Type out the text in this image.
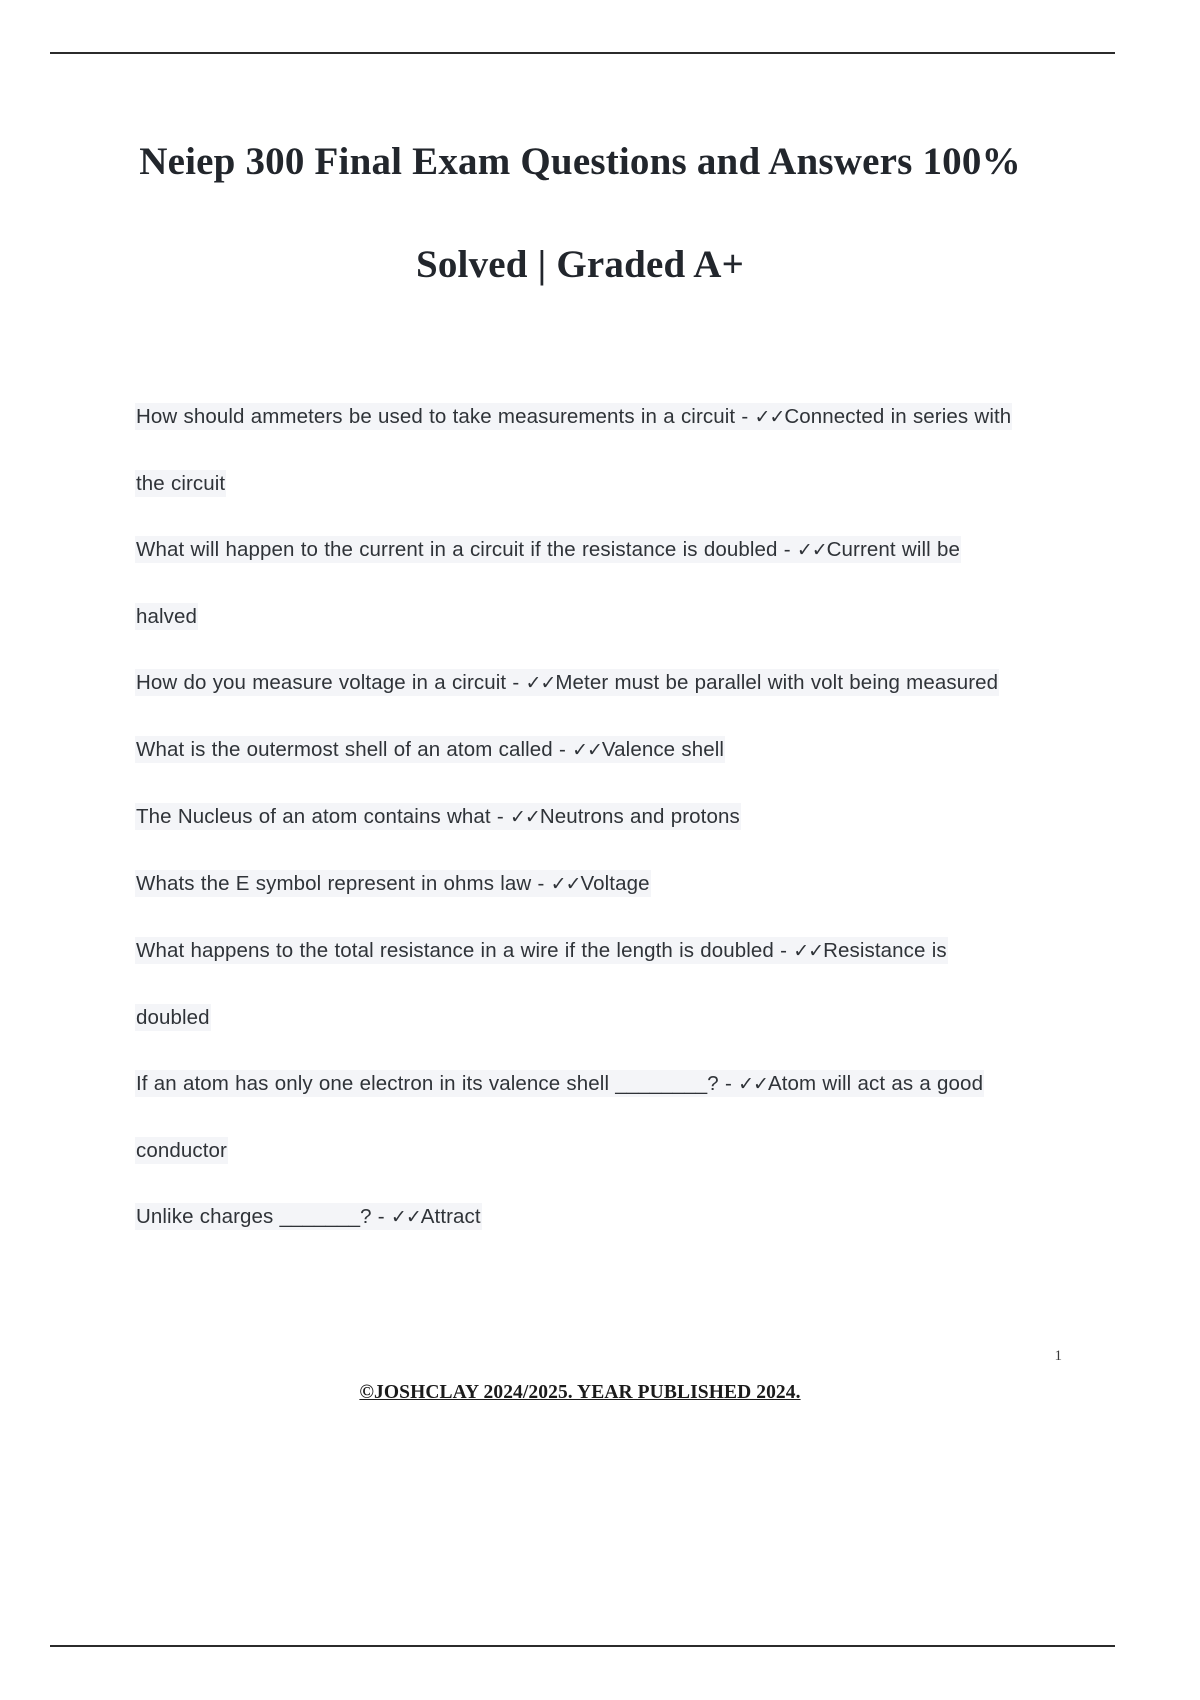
Neiep 300 Final Exam Questions and Answers 100% Solved | Graded A+
How should ammeters be used to take measurements in a circuit - ✓✓Connected in series with the circuit
What will happen to the current in a circuit if the resistance is doubled - ✓✓Current will be halved
How do you measure voltage in a circuit - ✓✓Meter must be parallel with volt being measured
What is the outermost shell of an atom called - ✓✓Valence shell
The Nucleus of an atom contains what - ✓✓Neutrons and protons
Whats the E symbol represent in ohms law - ✓✓Voltage
What happens to the total resistance in a wire if the length is doubled - ✓✓Resistance is doubled
If an atom has only one electron in its valence shell ________? - ✓✓Atom will act as a good conductor
Unlike charges _______? - ✓✓Attract
1
©JOSHCLAY 2024/2025. YEAR PUBLISHED 2024.
